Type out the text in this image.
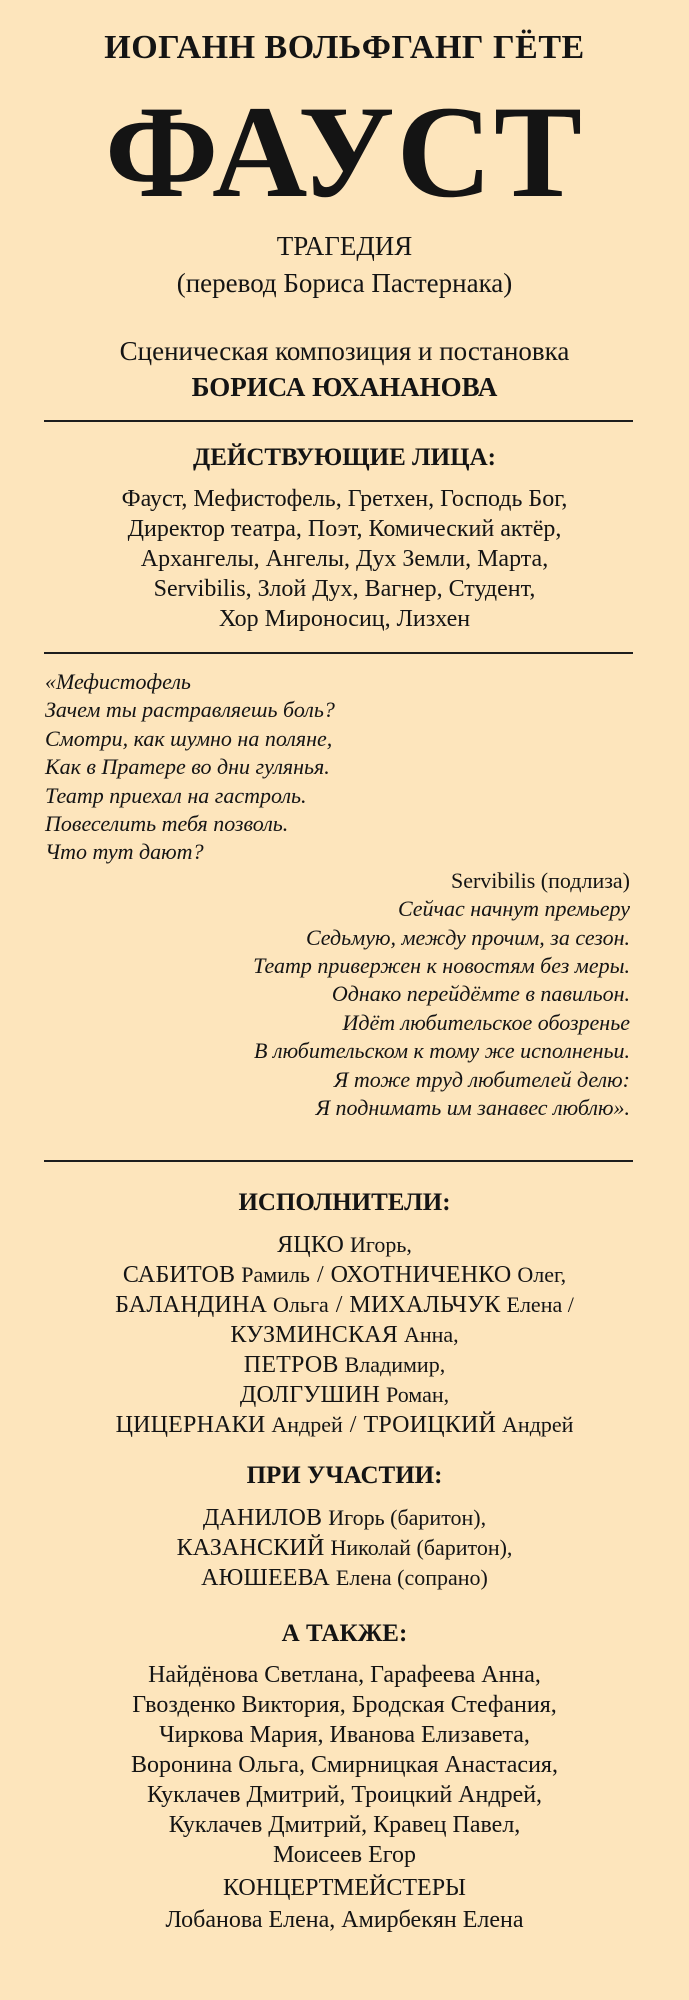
ИОГАНН ВОЛЬФГАНГ ГЁТЕ
ФАУСТ
ТРАГЕДИЯ
(перевод Бориса Пастернака)
Сценическая композиция и постановка
БОРИСА ЮХАНАНОВА
ДЕЙСТВУЮЩИЕ ЛИЦА:
Фауст, Мефистофель, Гретхен, Господь Бог,
Директор театра, Поэт, Комический актёр,
Архангелы, Ангелы, Дух Земли, Марта,
Servibilis, Злой Дух, Вагнер, Студент,
Хор Мироносиц, Лизхен
«Мефистофель
Зачем ты растравляешь боль?
Смотри, как шумно на поляне,
Как в Пратере во дни гулянья.
Театр приехал на гастроль.
Повеселить тебя позволь.
Что тут дают?
Servibilis (подлиза)
Сейчас начнут премьеру
Седьмую, между прочим, за сезон.
Театр привержен к новостям без меры.
Однако перейдёмте в павильон.
Идёт любительское обозренье
В любительском к тому же исполненьи.
Я тоже труд любителей делю:
Я поднимать им занавес люблю».
ИСПОЛНИТЕЛИ:
ЯЦКО Игорь,
САБИТОВ Рамиль / ОХОТНИЧЕНКО Олег,
БАЛАНДИНА Ольга / МИХАЛЬЧУК Елена /
КУЗМИНСКАЯ Анна,
ПЕТРОВ Владимир,
ДОЛГУШИН Роман,
ЦИЦЕРНАКИ Андрей / ТРОИЦКИЙ Андрей
ПРИ УЧАСТИИ:
ДАНИЛОВ Игорь (баритон),
КАЗАНСКИЙ Николай (баритон),
АЮШЕЕВА Елена (сопрано)
А ТАКЖЕ:
Найдёнова Светлана, Гарафеева Анна,
Гвозденко Виктория, Бродская Стефания,
Чиркова Мария, Иванова Елизавета,
Воронина Ольга, Смирницкая Анастасия,
Куклачев Дмитрий, Троицкий Андрей,
Куклачев Дмитрий, Кравец Павел,
Моисеев Егор
КОНЦЕРТМЕЙСТЕРЫ
Лобанова Елена, Амирбекян Елена
